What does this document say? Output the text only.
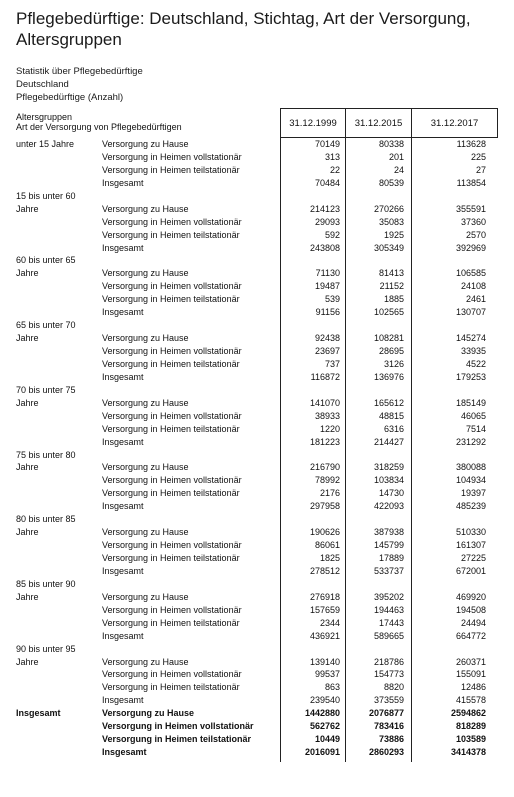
Pflegebedürftige: Deutschland, Stichtag, Art der Versorgung, Altersgruppen
Statistik über Pflegebedürftige
Deutschland
Pflegebedürftige (Anzahl)
Altersgruppen
Art der Versorgung von Pflegebedürftigen	31.12.1999	31.12.2015	31.12.2017
unter 15 Jahre	Versorgung zu Hause	70149	80338	113628
Versorgung in Heimen vollstationär	313	201	225
Versorgung in Heimen teilstationär	22	24	27
Insgesamt	70484	80539	113854
15 bis unter 60
Jahre	Versorgung zu Hause	214123	270266	355591
Versorgung in Heimen vollstationär	29093	35083	37360
Versorgung in Heimen teilstationär	592	1925	2570
Insgesamt	243808	305349	392969
60 bis unter 65
Jahre	Versorgung zu Hause	71130	81413	106585
Versorgung in Heimen vollstationär	19487	21152	24108
Versorgung in Heimen teilstationär	539	1885	2461
Insgesamt	91156	102565	130707
65 bis unter 70
Jahre	Versorgung zu Hause	92438	108281	145274
Versorgung in Heimen vollstationär	23697	28695	33935
Versorgung in Heimen teilstationär	737	3126	4522
Insgesamt	116872	136976	179253
70 bis unter 75
Jahre	Versorgung zu Hause	141070	165612	185149
Versorgung in Heimen vollstationär	38933	48815	46065
Versorgung in Heimen teilstationär	1220	6316	7514
Insgesamt	181223	214427	231292
75 bis unter 80
Jahre	Versorgung zu Hause	216790	318259	380088
Versorgung in Heimen vollstationär	78992	103834	104934
Versorgung in Heimen teilstationär	2176	14730	19397
Insgesamt	297958	422093	485239
80 bis unter 85
Jahre	Versorgung zu Hause	190626	387938	510330
Versorgung in Heimen vollstationär	86061	145799	161307
Versorgung in Heimen teilstationär	1825	17889	27225
Insgesamt	278512	533737	672001
85 bis unter 90
Jahre	Versorgung zu Hause	276918	395202	469920
Versorgung in Heimen vollstationär	157659	194463	194508
Versorgung in Heimen teilstationär	2344	17443	24494
Insgesamt	436921	589665	664772
90 bis unter 95
Jahre	Versorgung zu Hause	139140	218786	260371
Versorgung in Heimen vollstationär	99537	154773	155091
Versorgung in Heimen teilstationär	863	8820	12486
Insgesamt	239540	373559	415578
Insgesamt	Versorgung zu Hause	1442880	2076877	2594862
Versorgung in Heimen vollstationär	562762	783416	818289
Versorgung in Heimen teilstationär	10449	73886	103589
Insgesamt	2016091	2860293	3414378
